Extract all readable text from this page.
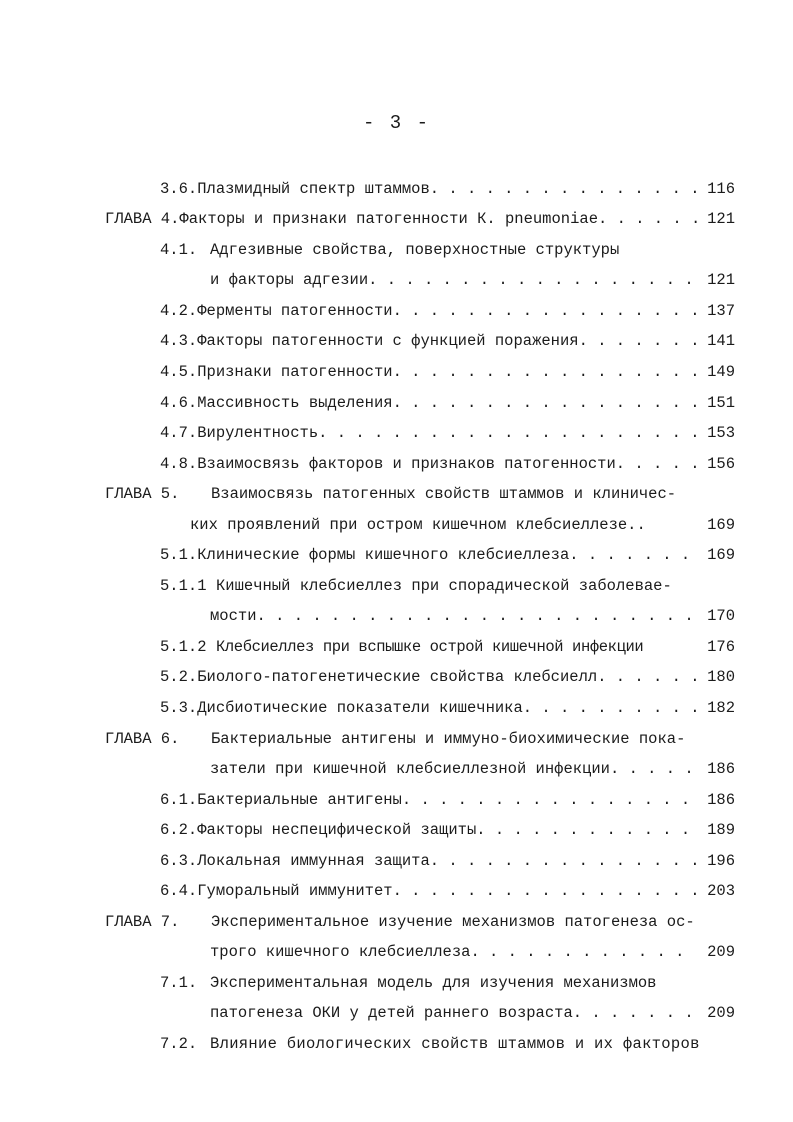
- 3 -
3.6. Плазмидный спектр штаммов . . .	116
ГЛАВА 4. Факторы и признаки патогенности К. pneumoniae . . .	121
4.1. Адгезивные свойства, поверхностные структуры
и факторы адгезии . . .	121
4.2. Ферменты патогенности . . .	137
4.3. Факторы патогенности с функцией поражения . . .	141
4.5. Признаки патогенности . . .	149
4.6. Массивность выделения . . .	151
4.7. Вирулентность . . .	153
4.8. Взаимосвязь факторов и признаков патогенности . . .	156
ГЛАВА 5.	Взаимосвязь патогенных свойств штаммов и клиничес-
ких проявлений при остром кишечном клебсиеллезе..	169
5.1. Клинические формы кишечного клебсиеллеза . . .	169
5.1.1 Кишечный клебсиеллез при спорадической заболевае-
мости . . .	170
5.1.2 Клебсиеллез при вспышке острой кишечной инфекции	176
5.2. Биолого-патогенетические свойства клебсиелл . . .	180
5.3. Дисбиотические показатели кишечника . . .	182
ГЛАВА 6.	Бактериальные антигены и иммуно-биохимические пока-
затели при кишечной клебсиеллезной инфекции . . .	186
6.1. Бактериальные антигены . . .	186
6.2. Факторы неспецифической защиты . . .	189
6.3. Локальная иммунная защита . . .	196
6.4. Гуморальный иммунитет . . .	203
ГЛАВА 7.	Экспериментальное изучение механизмов патогенеза ос-
трого кишечного клебсиеллеза . . .	209
7.1. Экспериментальная модель для изучения механизмов
патогенеза ОКИ у детей раннего возраста . . .	209
7.2. Влияние биологических свойств штаммов и их факторов
